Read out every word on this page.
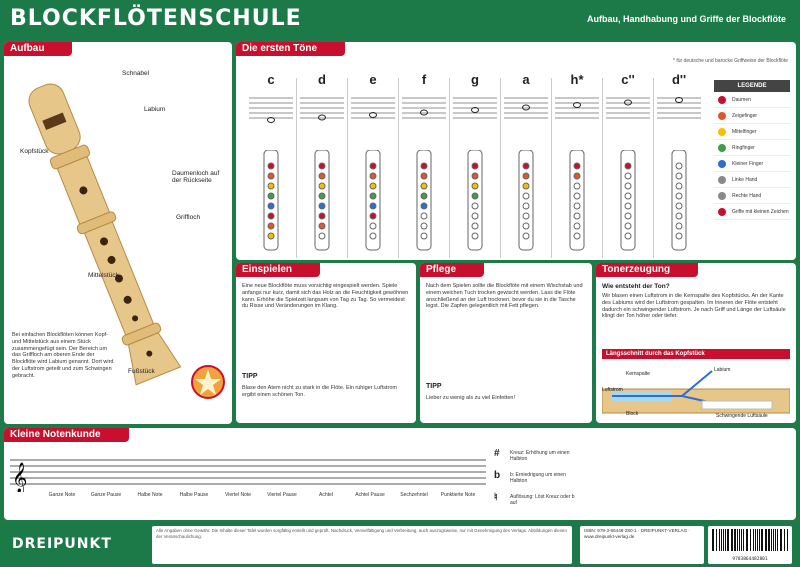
BLOCKFLÖTENSCHULE	Aufbau, Handhabung und Griffe der Blockflöte
Aufbau
Schnabel
Labium
Kopfstück
Daumenloch auf der Rückseite
Griffloch
Mittelstück
Fußstück
Bei einfachen Blockflöten können Kopf- und Mittelstück aus einem Stück zusammengefügt sein. Der Bereich um das Griffloch am oberen Ende der Blockflöte wird Labium genannt. Dort wird der Luftstrom geteilt und zum Schwingen gebracht.
Die ersten Töne
* für deutsche und barocke Griffweise der Blockflöte
c	d	e	f	g	a	h*	c''	d''	LEGENDE
Daumen
Zeigefinger
Mittelfinger
Ringfinger
Kleiner Finger
Linke Hand
Rechte Hand
Griffe mit kleinen Zeichen
Einspielen
Eine neue Blockflöte muss vorsichtig eingespielt werden. Spiele anfangs nur kurz, damit sich das Holz an die Feuchtigkeit gewöhnen kann. Erhöhe die Spielzeit langsam von Tag zu Tag. So vermeidest du Risse und Veränderungen im Klang.
TIPP
Blase den Atem nicht zu stark in die Flöte. Ein ruhiger Luftstrom ergibt einen schönen Ton.
Pflege
Nach dem Spielen sollte die Blockflöte mit einem Wischstab und einem weichen Tuch trocken gewischt werden. Lass die Flöte anschließend an der Luft trocknen, bevor du sie in die Tasche legst. Die Zapfen gelegentlich mit Fett pflegen.
TIPP
Lieber zu wenig als zu viel Einfetten!
Tonerzeugung
Wie entsteht der Ton?
Wir blasen einen Luftstrom in die Kernspalte des Kopfstücks. An der Kante des Labiums wird der Luftstrom gespalten. Im Inneren der Flöte entsteht dadurch ein schwingender Luftstrom. Je nach Griff und Länge der Luftsäule klingt der Ton höher oder tiefer.
Längsschnitt durch das Kopfstück
Kernspalte
Luftstrom
Block
Labium
Schwingende Luftsäule
Kleine Notenkunde
𝄞
Ganze Note	Ganze Pause	Halbe Note	Halbe Pause	Viertel Note	Viertel Pause	Achtel	Achtel Pause	Sechzehntel	Punktierte Note
# Kreuz: Erhöhung um einen Halbton
b b: Erniedrigung um einen Halbton
♮ Auflösung: Löst Kreuz oder b auf
DREIPUNKT
Alle Angaben ohne Gewähr. Die Inhalte dieser Tafel wurden sorgfältig erstellt und geprüft. Nachdruck, Vervielfältigung und Verbreitung, auch auszugsweise, nur mit Genehmigung des Verlags. Abbildungen dienen der Veranschaulichung.
ISBN: 978-3-86448-280-1 · DREIPUNKT-VERLAG · www.dreipunkt-verlag.de
9783864482801
